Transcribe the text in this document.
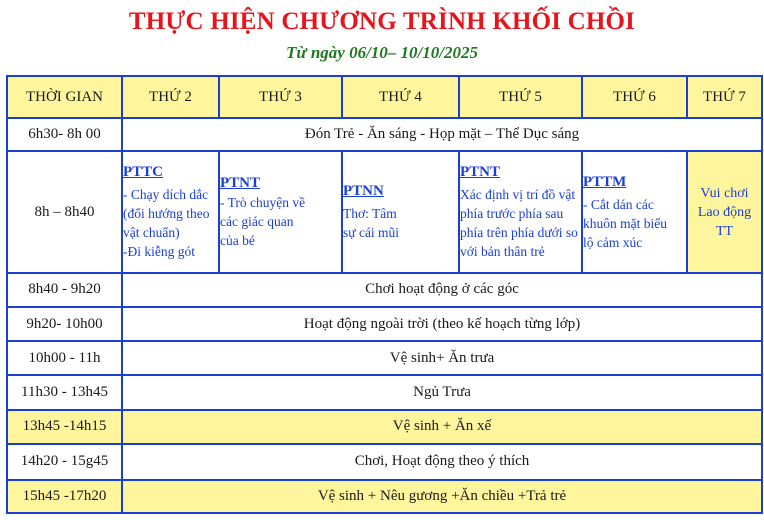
THỰC HIỆN CHƯƠNG TRÌNH KHỐI CHỒI
Từ ngày 06/10– 10/10/2025
THỜI GIAN	THỨ 2	THỨ 3	THỨ 4	THỨ 5	THỨ 6	THỨ 7
6h30- 8h 00	Đón Trẻ - Ăn sáng - Họp mặt – Thể Dục sáng					
8h – 8h40	PTTC
- Chạy dích dắc
(đổi hướng theo
vật chuẩn)
-Đi kiễng gót	PTNT
- Trò chuyện về
các giác quan
của bé	PTNN
Thơ: Tâm
sự cái mũi	PTNT
Xác định vị trí đồ vật
phía trước phía sau
phía trên phía dưới so
với bản thân trẻ	PTTM
- Cắt dán các
khuôn mặt biểu
lộ cảm xúc	Vui chơi
Lao động
TT

8h40 - 9h20	Chơi hoạt động ở các góc					
9h20- 10h00	Hoạt động ngoài trời (theo kế hoạch từng lớp)					
10h00 - 11h	Vệ sinh+ Ăn trưa					
11h30 - 13h45	Ngủ Trưa					
13h45 -14h15	Vệ sinh + Ăn xế					
14h20 - 15g45	Chơi, Hoạt động theo ý thích					
15h45 -17h20	Vệ sinh + Nêu gương +Ăn chiều +Trả trẻ					
